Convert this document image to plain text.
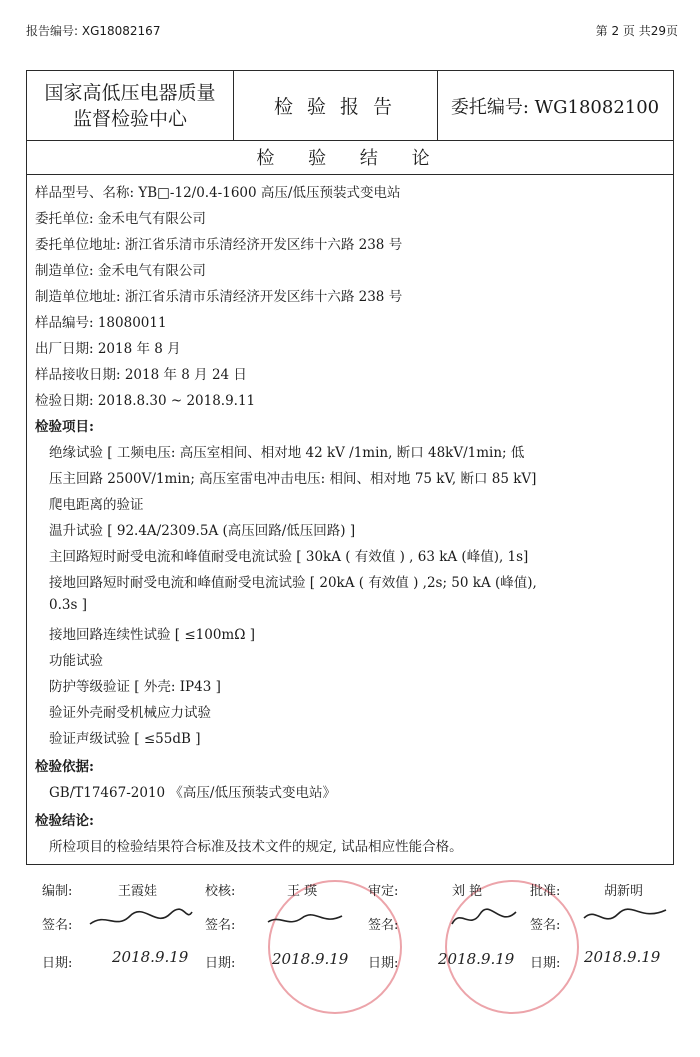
报告编号: XG18082167	第 2 页 共29页
国家高低压电器质量
监督检验中心
检 验 报 告	委托编号: WG18082100
检 验 结 论
样品型号、名称: YB□-12/0.4-1600 高压/低压预装式变电站
委托单位: 金禾电气有限公司
委托单位地址: 浙江省乐清市乐清经济开发区纬十六路 238 号
制造单位: 金禾电气有限公司
制造单位地址: 浙江省乐清市乐清经济开发区纬十六路 238 号
样品编号: 18080011
出厂日期: 2018 年 8 月
样品接收日期: 2018 年 8 月 24 日
检验日期: 2018.8.30 ~ 2018.9.11
检验项目:
绝缘试验 [ 工频电压: 高压室相间、相对地 42 kV /1min, 断口 48kV/1min; 低
压主回路 2500V/1min; 高压室雷电冲击电压: 相间、相对地 75 kV, 断口 85 kV]
爬电距离的验证
温升试验 [ 92.4A/2309.5A (高压回路/低压回路) ]
主回路短时耐受电流和峰值耐受电流试验 [ 30kA ( 有效值 ) , 63 kA (峰值), 1s]
接地回路短时耐受电流和峰值耐受电流试验 [ 20kA ( 有效值 ) ,2s; 50 kA (峰值),
0.3s ]
接地回路连续性试验 [ ≤100mΩ ]
功能试验
防护等级验证 [ 外壳: IP43 ]
验证外壳耐受机械应力试验
验证声级试验 [ ≤55dB ]
检验依据:
GB/T17467-2010 《高压/低压预装式变电站》
检验结论:
所检项目的检验结果符合标准及技术文件的规定, 试品相应性能合格。
编制:	王霞娃	校核:	王 瑛	审定:	刘 艳	批准:	胡新明
签名:	签名:	签名:	签名:
日期:	2018.9.19 日期: 2018.9.19 日期:	2018.9.19 日期: 2018.9.19
